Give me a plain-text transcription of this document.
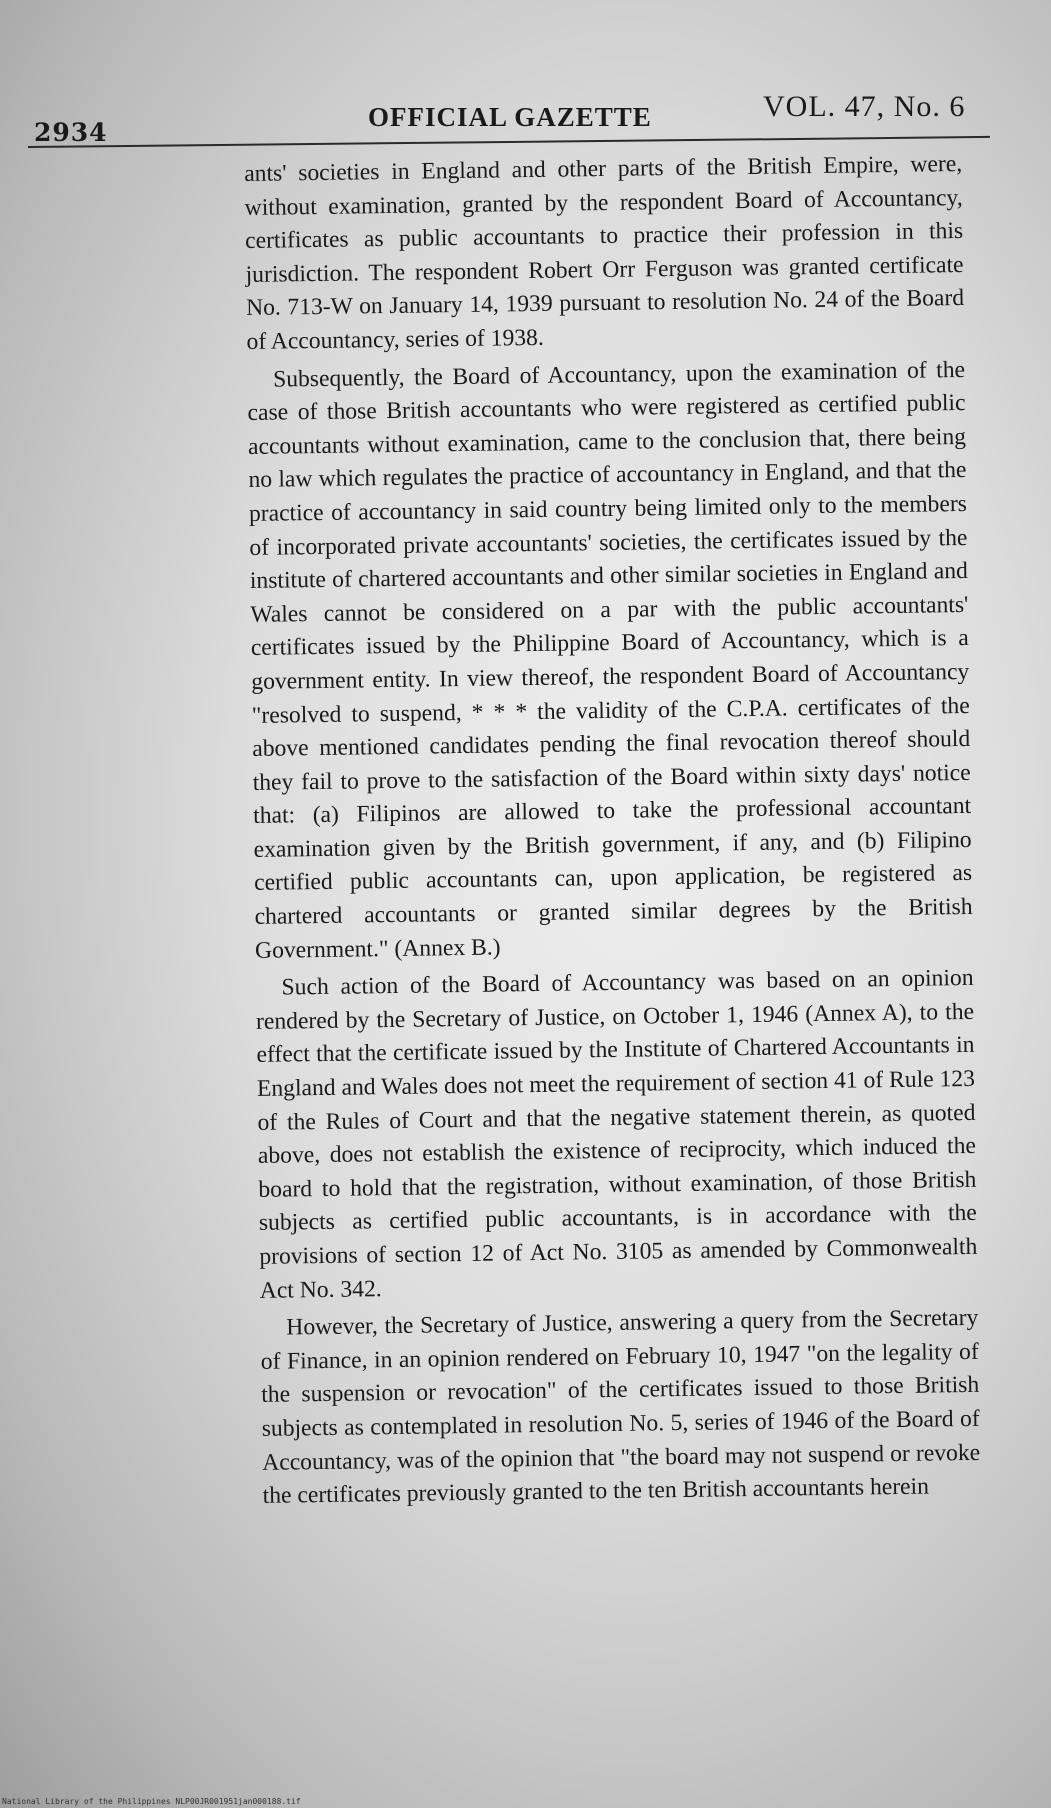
2934
OFFICIAL GAZETTE	VOL. 47, No. 6

ants' societies in England and other parts of the British Empire, were, without examination, granted by the respondent Board of Accountancy, certificates as public accountants to practice their profession in this jurisdiction. The respondent Robert Orr Ferguson was granted certificate No. 713-W on January 14, 1939 pursuant to resolution No. 24 of the Board of Accountancy, series of 1938.

Subsequently, the Board of Accountancy, upon the examination of the case of those British accountants who were registered as certified public accountants without examination, came to the conclusion that, there being no law which regulates the practice of accountancy in England, and that the practice of accountancy in said country being limited only to the members of incorporated private accountants' societies, the certificates issued by the institute of chartered accountants and other similar societies in England and Wales cannot be considered on a par with the public accountants' certificates issued by the Philippine Board of Accountancy, which is a government entity. In view thereof, the respondent Board of Accountancy "resolved to suspend, * * * the validity of the C.P.A. certificates of the above mentioned candidates pending the final revocation thereof should they fail to prove to the satisfaction of the Board within sixty days' notice that: (a) Filipinos are allowed to take the professional accountant examination given by the British government, if any, and (b) Filipino certified public accountants can, upon application, be registered as chartered accountants or granted similar degrees by the British Government." (Annex B.)

Such action of the Board of Accountancy was based on an opinion rendered by the Secretary of Justice, on October 1, 1946 (Annex A), to the effect that the certificate issued by the Institute of Chartered Accountants in England and Wales does not meet the requirement of section 41 of Rule 123 of the Rules of Court and that the negative statement therein, as quoted above, does not establish the existence of reciprocity, which induced the board to hold that the registration, without examination, of those British subjects as certified public accountants, is in accordance with the provisions of section 12 of Act No. 3105 as amended by Commonwealth Act No. 342.

However, the Secretary of Justice, answering a query from the Secretary of Finance, in an opinion rendered on February 10, 1947 "on the legality of the suspension or revocation" of the certificates issued to those British subjects as contemplated in resolution No. 5, series of 1946 of the Board of Accountancy, was of the opinion that "the board may not suspend or revoke the certificates previously granted to the ten British accountants herein

National Library of the Philippines NLP00JR001951jan000188.tif
